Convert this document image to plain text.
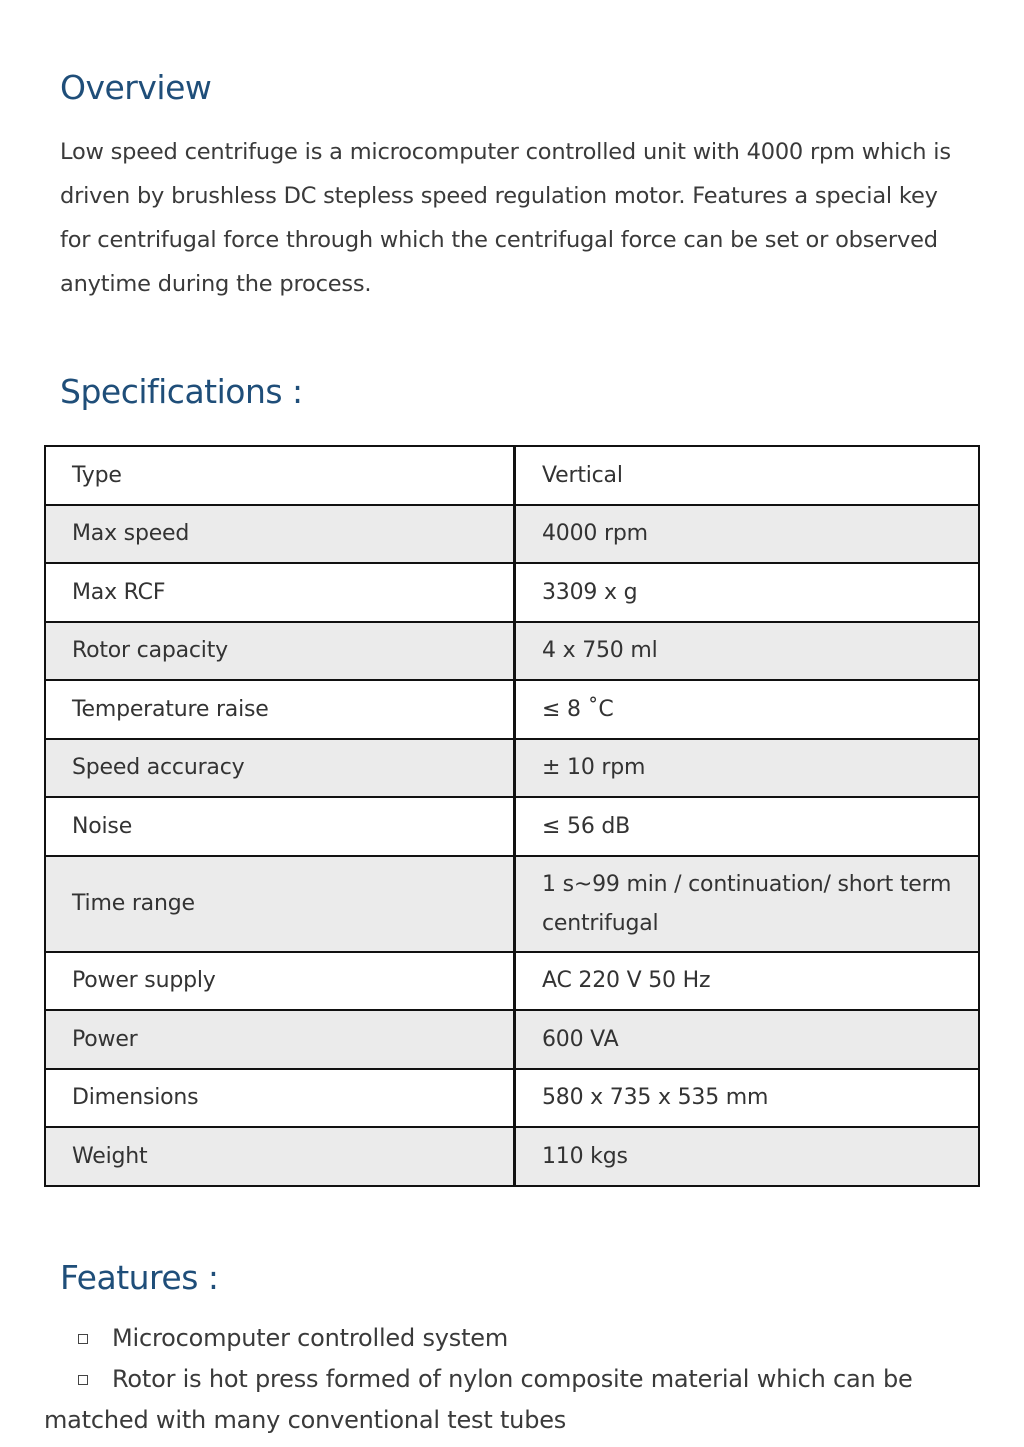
Overview

Low speed centrifuge is a microcomputer controlled unit with 4000 rpm which is driven by brushless DC stepless speed regulation motor. Features a special key for centrifugal force through which the centrifugal force can be set or observed anytime during the process.

Specifications :
Type	Vertical
Max speed	4000 rpm
Max RCF	3309 x g
Rotor capacity	4 x 750 ml
Temperature raise	≤ 8 ˚C
Speed accuracy	± 10 rpm
Noise	≤ 56 dB
Time range	1 s~99 min / continuation/ short term centrifugal
Power supply	AC 220 V 50 Hz
Power	600 VA
Dimensions	580 x 735 x 535 mm
Weight	110 kgs
Features :
Microcomputer controlled system
Rotor is hot press formed of nylon composite material which can be matched with many conventional test tubes
